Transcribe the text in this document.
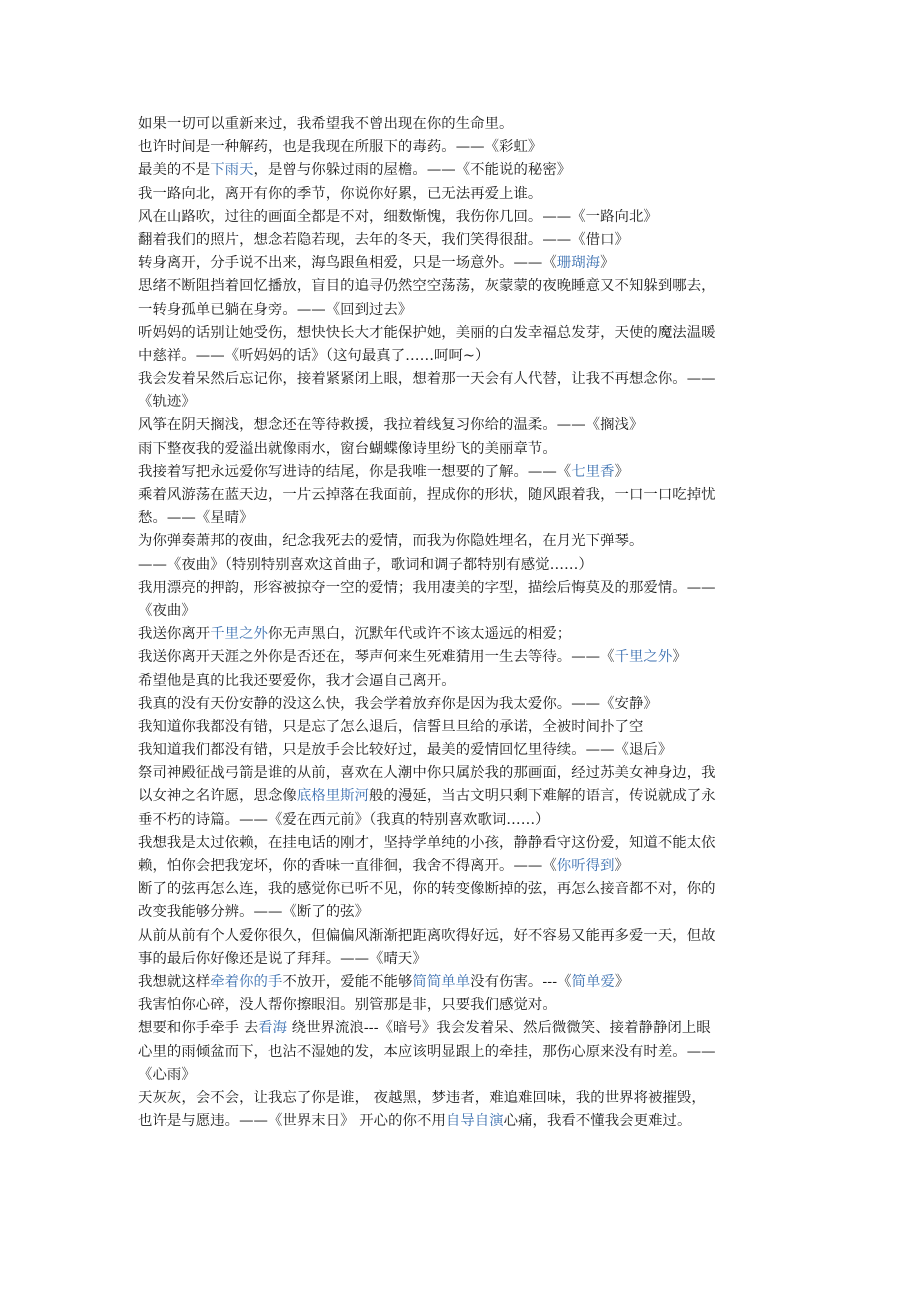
如果一切可以重新来过，我希望我不曾出现在你的生命里。
也许时间是一种解药，也是我现在所服下的毒药。——《彩虹》
最美的不是下雨天，是曾与你躲过雨的屋檐。——《不能说的秘密》
我一路向北，离开有你的季节，你说你好累，已无法再爱上谁。
风在山路吹，过往的画面全都是不对，细数惭愧，我伤你几回。——《一路向北》
翻着我们的照片，想念若隐若现，去年的冬天，我们笑得很甜。——《借口》
转身离开，分手说不出来，海鸟跟鱼相爱，只是一场意外。——《珊瑚海》
思绪不断阻挡着回忆播放，盲目的追寻仍然空空荡荡，灰蒙蒙的夜晚睡意又不知躲到哪去，
一转身孤单已躺在身旁。——《回到过去》
听妈妈的话别让她受伤，想快快长大才能保护她，美丽的白发幸福总发芽，天使的魔法温暖
中慈祥。——《听妈妈的话》（这句最真了……呵呵~）
我会发着呆然后忘记你，接着紧紧闭上眼，想着那一天会有人代替，让我不再想念你。——
《轨迹》
风筝在阴天搁浅，想念还在等待救援，我拉着线复习你给的温柔。——《搁浅》
雨下整夜我的爱溢出就像雨水，窗台蝴蝶像诗里纷飞的美丽章节。
我接着写把永远爱你写进诗的结尾，你是我唯一想要的了解。——《七里香》
乘着风游荡在蓝天边，一片云掉落在我面前，捏成你的形状，随风跟着我，一口一口吃掉忧
愁。——《星晴》
为你弹奏萧邦的夜曲，纪念我死去的爱情，而我为你隐姓埋名，在月光下弹琴。
——《夜曲》（特别特别喜欢这首曲子，歌词和调子都特别有感觉……）
我用漂亮的押韵，形容被掠夺一空的爱情；我用凄美的字型，描绘后悔莫及的那爱情。——
《夜曲》
我送你离开千里之外你无声黑白，沉默年代或许不该太遥远的相爱；
我送你离开天涯之外你是否还在，琴声何来生死难猜用一生去等待。——《千里之外》
希望他是真的比我还要爱你，我才会逼自己离开。
我真的没有天份安静的没这么快，我会学着放弃你是因为我太爱你。——《安静》
我知道你我都没有错，只是忘了怎么退后，信誓旦旦给的承诺，全被时间扑了空
我知道我们都没有错，只是放手会比较好过，最美的爱情回忆里待续。——《退后》
祭司神殿征战弓箭是谁的从前，喜欢在人潮中你只属於我的那画面，经过苏美女神身边，我
以女神之名许愿，思念像底格里斯河般的漫延，当古文明只剩下难解的语言，传说就成了永
垂不朽的诗篇。——《爱在西元前》（我真的特别喜欢歌词……）
我想我是太过依赖，在挂电话的刚才，坚持学单纯的小孩，静静看守这份爱，知道不能太依
赖，怕你会把我宠坏，你的香味一直徘徊，我舍不得离开。——《你听得到》
断了的弦再怎么连，我的感觉你已听不见，你的转变像断掉的弦，再怎么接音都不对，你的
改变我能够分辨。——《断了的弦》
从前从前有个人爱你很久，但偏偏风渐渐把距离吹得好远，好不容易又能再多爱一天，但故
事的最后你好像还是说了拜拜。——《晴天》
我想就这样牵着你的手不放开，爱能不能够简简单单没有伤害。---《简单爱》
我害怕你心碎，没人帮你擦眼泪。别管那是非，只要我们感觉对。
想要和你手牵手 去看海 绕世界流浪---《暗号》我会发着呆、然后微微笑、接着静静闭上眼
心里的雨倾盆而下，也沾不湿她的发，本应该明显跟上的牵挂，那伤心原来没有时差。——
《心雨》
天灰灰，会不会，让我忘了你是谁， 夜越黑，梦违者，难追难回味，我的世界将被摧毁，
也许是与愿违。——《世界末日》 开心的你不用自导自演心痛，我看不懂我会更难过。
